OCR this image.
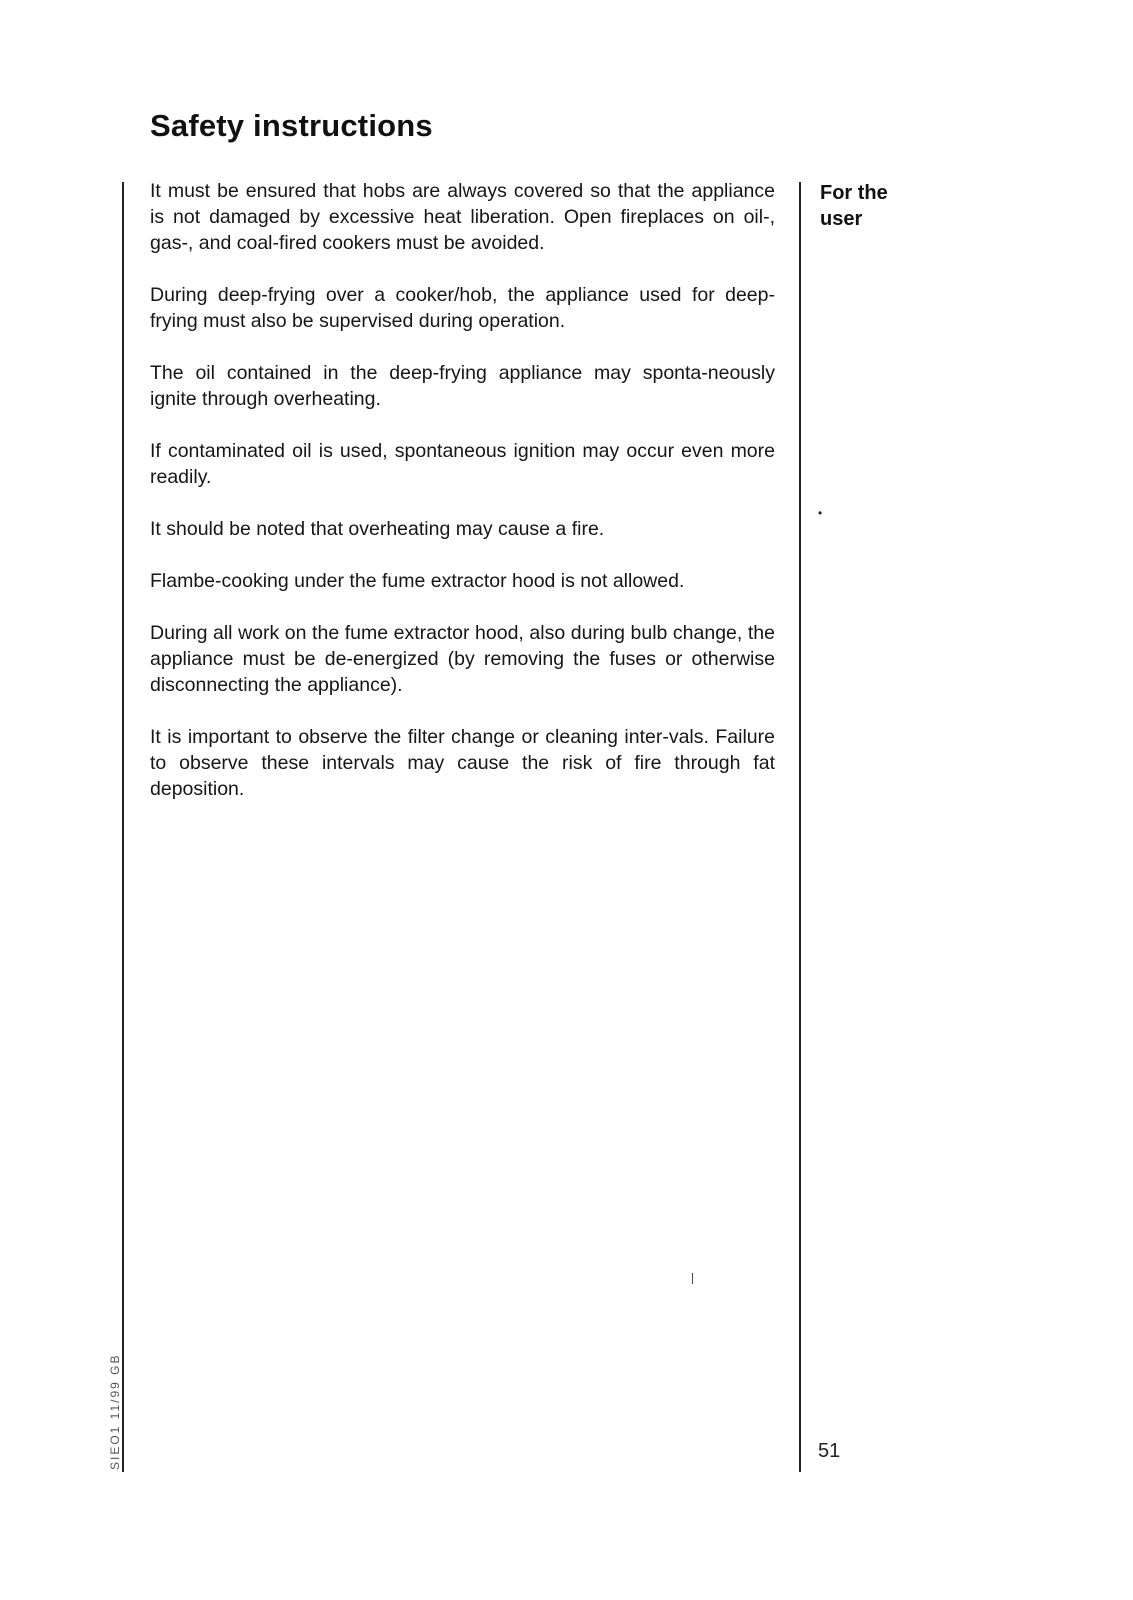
Safety instructions

It must be ensured that hobs are always covered so that the appliance is not damaged by excessive heat liberation. Open fireplaces on oil-, gas-, and coal-fired cookers must be avoided.

During deep-frying over a cooker/hob, the appliance used for deep-frying must also be supervised during operation.

The oil contained in the deep-frying appliance may sponta-neously ignite through overheating.

If contaminated oil is used, spontaneous ignition may occur even more readily.

It should be noted that overheating may cause a fire.

Flambe-cooking under the fume extractor hood is not allowed.

During all work on the fume extractor hood, also during bulb change, the appliance must be de-energized (by removing the fuses or otherwise disconnecting the appliance).

It is important to observe the filter change or cleaning inter-vals. Failure to observe these intervals may cause the risk of fire through fat deposition.

For the
user
•
51
SIEO1 11/99 GB
